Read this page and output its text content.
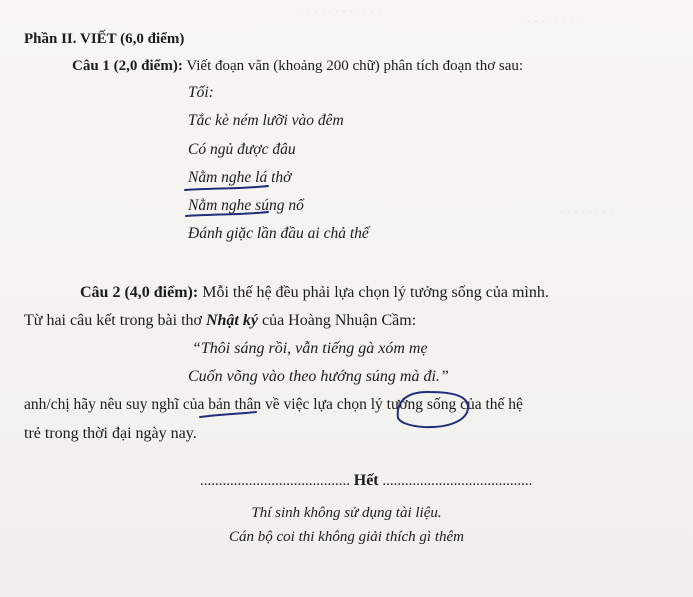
· · · · · · · · · · · ·
· · · · · · · · ·
· · · · · · · ·
Phần II. VIẾT (6,0 điểm)
Câu 1 (2,0 điểm): Viết đoạn văn (khoảng 200 chữ) phân tích đoạn thơ sau:
Tối:
Tắc kè ném lưỡi vào đêm
Có ngủ được đâu
Nằm nghe lá thở
Nằm nghe súng nổ
Đánh giặc lần đầu ai chả thế
Câu 2 (4,0 điểm): Mỗi thế hệ đều phải lựa chọn lý tưởng sống của mình.
Từ hai câu kết trong bài thơ Nhật ký của Hoàng Nhuận Cầm:
“Thôi sáng rồi, vẫn tiếng gà xóm mẹ
Cuốn võng vào theo hướng súng mà đi.”
anh/chị hãy nêu suy nghĩ của bản thân về việc lựa chọn lý tưởng sống của thế hệ
trẻ trong thời đại ngày nay.
........................................ Hết ........................................
Thí sinh không sử dụng tài liệu.
Cán bộ coi thi không giải thích gì thêm
